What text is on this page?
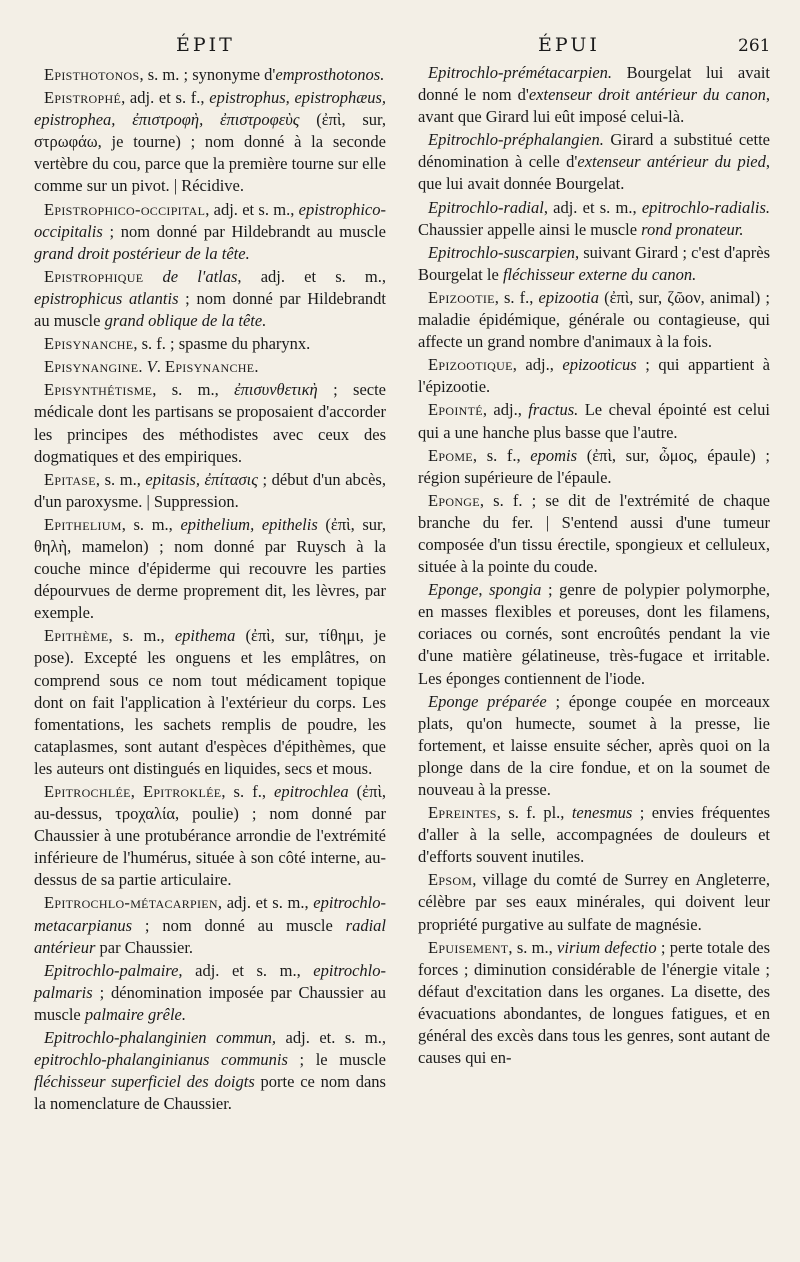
ÉPIT	ÉPUI	261

Episthotonos, s. m. ; synonyme d'emprosthotonos.

Epistrophé, adj. et s. f., epistrophus, epistrophæus, epistrophea, ἐπιστροφὴ, ἐπιστροφεὺς (ἐπὶ, sur, στρωφάω, je tourne) ; nom donné à la seconde vertèbre du cou, parce que la première tourne sur elle comme sur un pivot. | Récidive.

Epistrophico-occipital, adj. et s. m., epistrophico-occipitalis ; nom donné par Hildebrandt au muscle grand droit postérieur de la tête.

Epistrophique de l'atlas, adj. et s. m., epistrophicus atlantis ; nom donné par Hildebrandt au muscle grand oblique de la tête.

Episynanche, s. f. ; spasme du pharynx.

Episynangine. V. Episynanche.

Episynthétisme, s. m., ἐπισυνθετικὴ ; secte médicale dont les partisans se proposaient d'accorder les principes des méthodistes avec ceux des dogmatiques et des empiriques.

Epitase, s. m., epitasis, ἐπίτασις ; début d'un abcès, d'un paroxysme. | Suppression.

Epithelium, s. m., epithelium, epithelis (ἐπὶ, sur, θηλὴ, mamelon) ; nom donné par Ruysch à la couche mince d'épiderme qui recouvre les parties dépourvues de derme proprement dit, les lèvres, par exemple.

Epithème, s. m., epithema (ἐπὶ, sur, τίθημι, je pose). Excepté les onguens et les emplâtres, on comprend sous ce nom tout médicament topique dont on fait l'application à l'extérieur du corps. Les fomentations, les sachets remplis de poudre, les cataplasmes, sont autant d'espèces d'épithèmes, que les auteurs ont distingués en liquides, secs et mous.

Epitrochlée, Epitroklée, s. f., epitrochlea (ἐπὶ, au-dessus, τροχαλία, poulie) ; nom donné par Chaussier à une protubérance arrondie de l'extrémité inférieure de l'humérus, située à son côté interne, au-dessus de sa partie articulaire.

Epitrochlo-métacarpien, adj. et s. m., epitrochlo-metacarpianus ; nom donné au muscle radial antérieur par Chaussier.

Epitrochlo-palmaire, adj. et s. m., epitrochlo-palmaris ; dénomination imposée par Chaussier au muscle palmaire grêle.

Epitrochlo-phalanginien commun, adj. et. s. m., epitrochlo-phalanginianus communis ; le muscle fléchisseur superficiel des doigts porte ce nom dans la nomenclature de Chaussier.

Epitrochlo-prémétacarpien. Bourgelat lui avait donné le nom d'extenseur droit antérieur du canon, avant que Girard lui eût imposé celui-là.

Epitrochlo-préphalangien. Girard a substitué cette dénomination à celle d'extenseur antérieur du pied, que lui avait donnée Bourgelat.

Epitrochlo-radial, adj. et s. m., epitrochlo-radialis. Chaussier appelle ainsi le muscle rond pronateur.

Epitrochlo-suscarpien, suivant Girard ; c'est d'après Bourgelat le fléchisseur externe du canon.

Epizootie, s. f., epizootia (ἐπὶ, sur, ζῶον, animal) ; maladie épidémique, générale ou contagieuse, qui affecte un grand nombre d'animaux à la fois.

Epizootique, adj., epizooticus ; qui appartient à l'épizootie.

Epointé, adj., fractus. Le cheval épointé est celui qui a une hanche plus basse que l'autre.

Epome, s. f., epomis (ἐπὶ, sur, ὦμος, épaule) ; région supérieure de l'épaule.

Eponge, s. f. ; se dit de l'extrémité de chaque branche du fer. | S'entend aussi d'une tumeur composée d'un tissu érectile, spongieux et celluleux, située à la pointe du coude.

Eponge, spongia ; genre de polypier polymorphe, en masses flexibles et poreuses, dont les filamens, coriaces ou cornés, sont encroûtés pendant la vie d'une matière gélatineuse, très-fugace et irritable. Les éponges contiennent de l'iode.

Eponge préparée ; éponge coupée en morceaux plats, qu'on humecte, soumet à la presse, lie fortement, et laisse ensuite sécher, après quoi on la plonge dans de la cire fondue, et on la soumet de nouveau à la presse.

Epreintes, s. f. pl., tenesmus ; envies fréquentes d'aller à la selle, accompagnées de douleurs et d'efforts souvent inutiles.

Epsom, village du comté de Surrey en Angleterre, célèbre par ses eaux minérales, qui doivent leur propriété purgative au sulfate de magnésie.

Epuisement, s. m., virium defectio ; perte totale des forces ; diminution considérable de l'énergie vitale ; défaut d'excitation dans les organes. La disette, des évacuations abondantes, de longues fatigues, et en général des excès dans tous les genres, sont autant de causes qui en-
